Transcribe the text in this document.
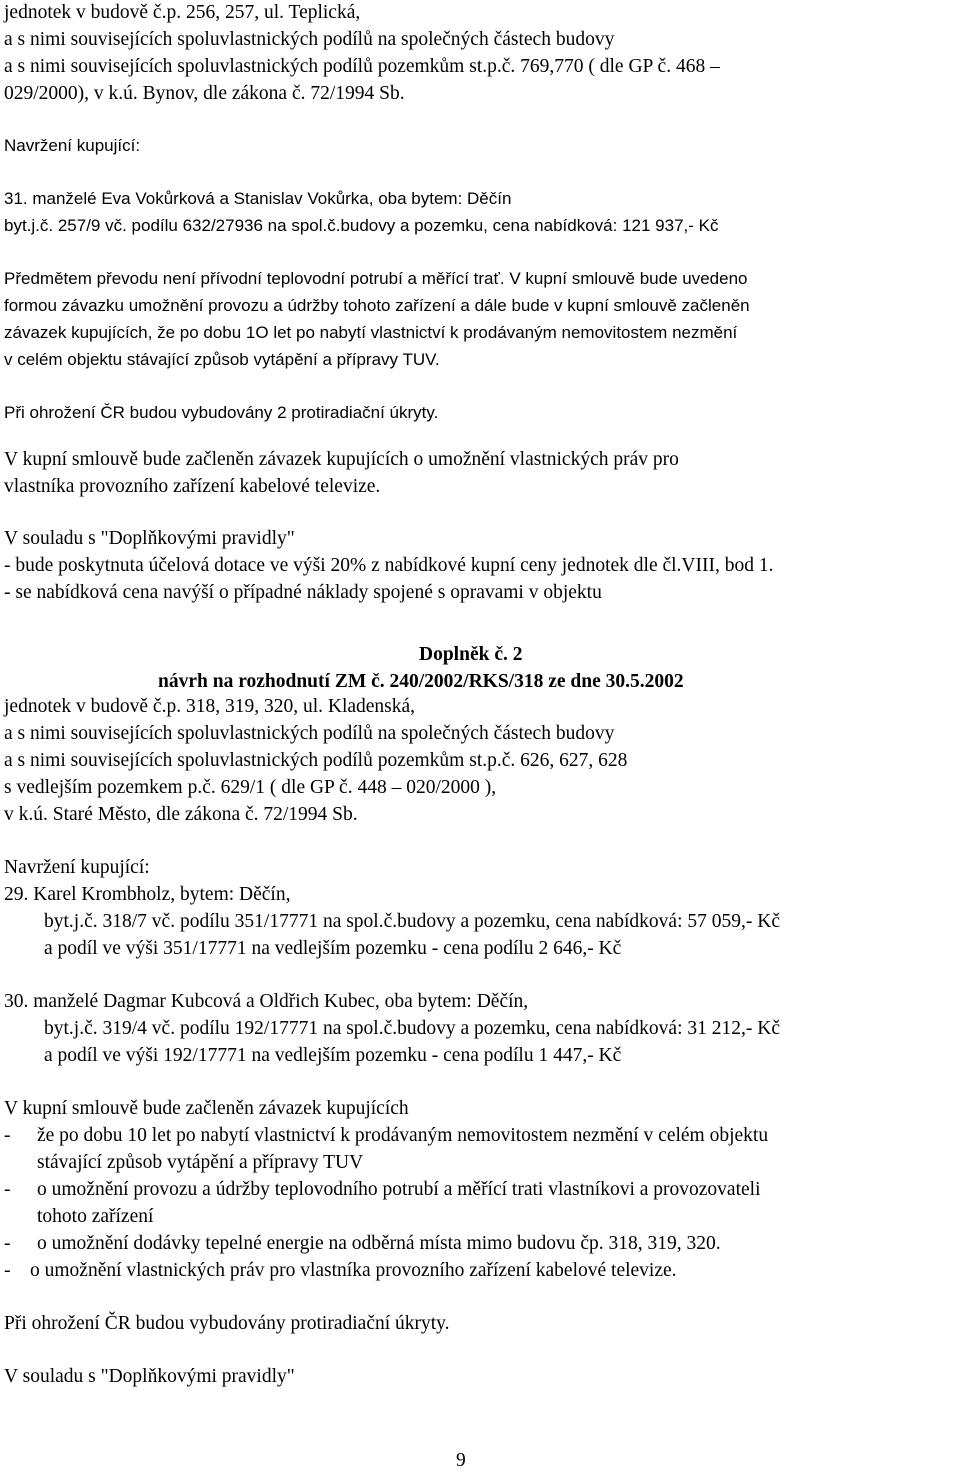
jednotek v budově č.p. 256, 257, ul. Teplická,
a s nimi souvisejících spoluvlastnických podílů na společných částech budovy
a s nimi souvisejících spoluvlastnických podílů pozemkům st.p.č. 769,770 ( dle GP č. 468 –
029/2000), v k.ú. Bynov, dle zákona č. 72/1994 Sb.
Navržení kupující:
31. manželé Eva Vokůrková a Stanislav Vokůrka, oba bytem: Děčín
byt.j.č. 257/9 vč. podílu 632/27936 na spol.č.budovy a pozemku, cena nabídková: 121 937,- Kč
Předmětem převodu není přívodní teplovodní potrubí a měřící trať. V kupní smlouvě bude uvedeno
formou závazku umožnění provozu a údržby tohoto zařízení a dále bude v kupní smlouvě začleněn
závazek kupujících, že po dobu 1O let po nabytí vlastnictví k prodávaným nemovitostem nezmění
v celém objektu stávající způsob vytápění a přípravy TUV.
Při ohrožení ČR budou vybudovány 2 protiradiační úkryty.
V kupní smlouvě bude začleněn závazek kupujících o umožnění vlastnických práv pro
vlastníka provozního zařízení kabelové televize.
V souladu s "Doplňkovými pravidly"
- bude poskytnuta účelová dotace ve výši 20% z nabídkové kupní ceny jednotek dle čl.VIII, bod 1.
- se nabídková cena navýší o případné náklady spojené s opravami v objektu
Doplněk č. 2
návrh na rozhodnutí ZM č. 240/2002/RKS/318 ze dne 30.5.2002
jednotek v budově č.p. 318, 319, 320, ul. Kladenská,
a s nimi souvisejících spoluvlastnických podílů na společných částech budovy
a s nimi souvisejících spoluvlastnických podílů pozemkům st.p.č. 626, 627, 628
s vedlejším pozemkem p.č. 629/1 ( dle GP č. 448 – 020/2000 ),
v k.ú. Staré Město, dle zákona č. 72/1994 Sb.
Navržení kupující:
29. Karel Krombholz, bytem: Děčín,
byt.j.č. 318/7 vč. podílu 351/17771 na spol.č.budovy a pozemku, cena nabídková: 57 059,- Kč
a podíl ve výši 351/17771 na vedlejším pozemku - cena podílu 2 646,- Kč
30. manželé Dagmar Kubcová a Oldřich Kubec, oba bytem: Děčín,
byt.j.č. 319/4 vč. podílu 192/17771 na spol.č.budovy a pozemku, cena nabídková: 31 212,- Kč
a podíl ve výši 192/17771 na vedlejším pozemku - cena podílu 1 447,- Kč
V kupní smlouvě bude začleněn závazek kupujících
- že po dobu 10 let po nabytí vlastnictví k prodávaným nemovitostem nezmění v celém objektu
stávající způsob vytápění a přípravy TUV
- o umožnění provozu a údržby teplovodního potrubí a měřící trati vlastníkovi a provozovateli
tohoto zařízení
- o umožnění dodávky tepelné energie na odběrná místa mimo budovu čp. 318, 319, 320.
- o umožnění vlastnických práv pro vlastníka provozního zařízení kabelové televize.
Při ohrožení ČR budou vybudovány protiradiační úkryty.
V souladu s "Doplňkovými pravidly"
9
